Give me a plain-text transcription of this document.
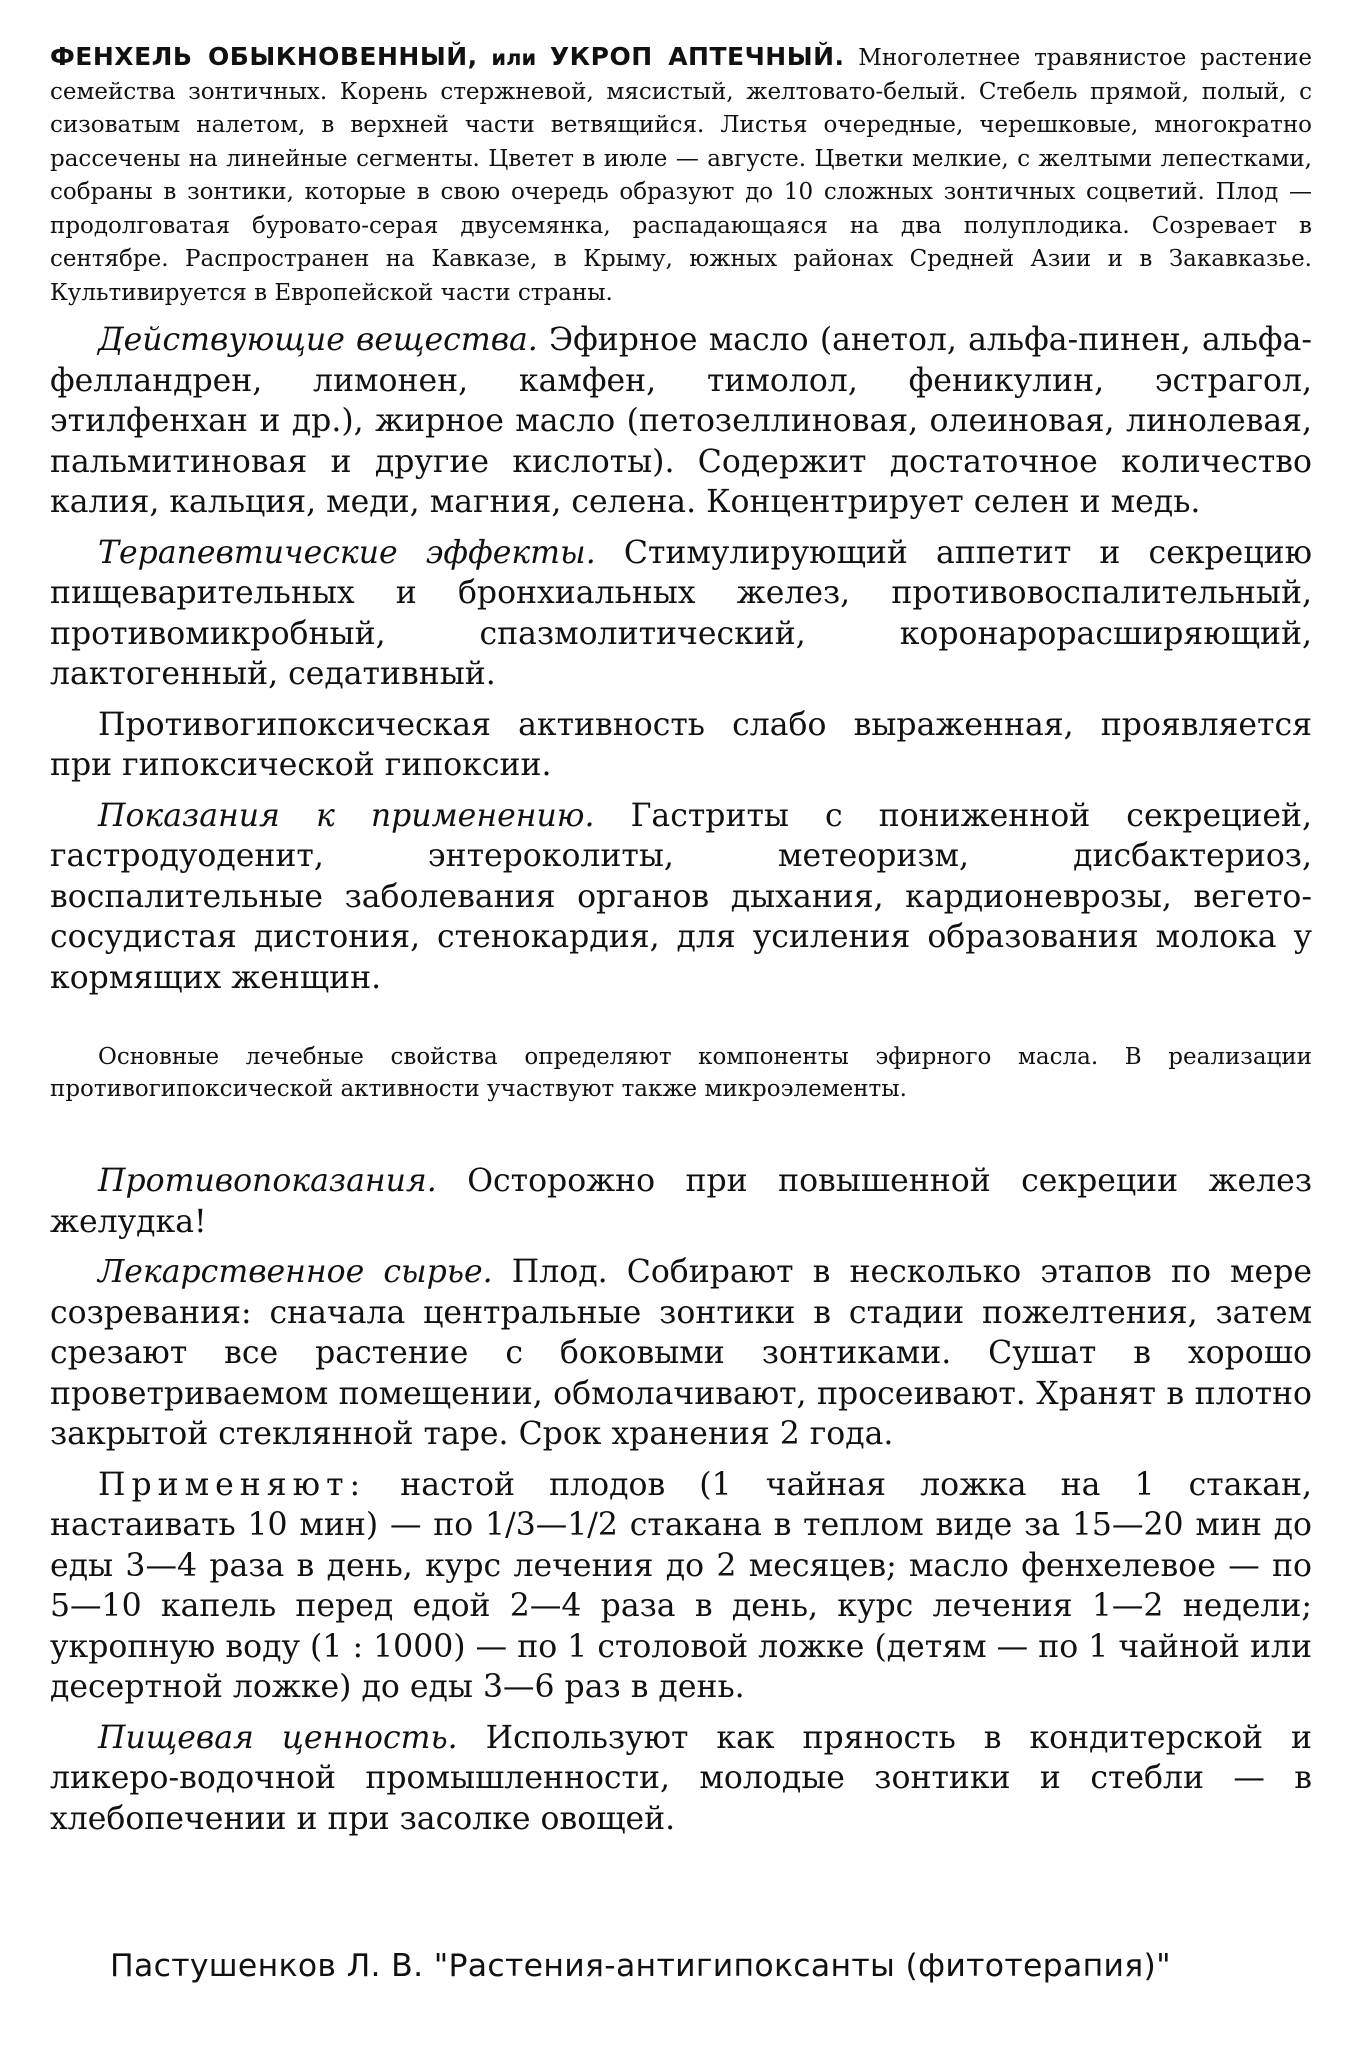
ФЕНХЕЛЬ ОБЫКНОВЕННЫЙ, или УКРОП АПТЕЧНЫЙ. Многолетнее травянистое растение семейства зонтичных. Корень стержневой, мясистый, желтовато-белый. Стебель прямой, полый, с сизоватым налетом, в верхней части ветвящийся. Листья очередные, черешковые, многократно рассечены на линейные сегменты. Цветет в июле — августе. Цветки мелкие, с желтыми лепестками, собраны в зонтики, которые в свою очередь образуют до 10 сложных зонтичных соцветий. Плод — продолговатая буровато-серая двусемянка, распадающаяся на два полуплодика. Созревает в сентябре. Распространен на Кавказе, в Крыму, южных районах Средней Азии и в Закавказье. Культивируется в Европейской части страны.

Действующие вещества. Эфирное масло (анетол, альфа-пинен, альфа-фелландрен, лимонен, камфен, тимолол, феникулин, эстрагол, этилфенхан и др.), жирное масло (петозеллиновая, олеиновая, линолевая, пальмитиновая и другие кислоты). Содержит достаточное количество калия, кальция, меди, магния, селена. Концентрирует селен и медь.

Терапевтические эффекты. Стимулирующий аппетит и секрецию пищеварительных и бронхиальных желез, противовоспалительный, противомикробный, спазмолитический, коронарорасширяющий, лактогенный, седативный.

Противогипоксическая активность слабо выраженная, проявляется при гипоксической гипоксии.

Показания к применению. Гастриты с пониженной секрецией, гастродуоденит, энтероколиты, метеоризм, дисбактериоз, воспалительные заболевания органов дыхания, кардионеврозы, вегето-сосудистая дистония, стенокардия, для усиления образования молока у кормящих женщин.

Основные лечебные свойства определяют компоненты эфирного масла. В реализации противогипоксической активности участвуют также микроэлементы.

Противопоказания. Осторожно при повышенной секреции желез желудка!

Лекарственное сырье. Плод. Собирают в несколько этапов по мере созревания: сначала центральные зонтики в стадии пожелтения, затем срезают все растение с боковыми зонтиками. Сушат в хорошо проветриваемом помещении, обмолачивают, просеивают. Хранят в плотно закрытой стеклянной таре. Срок хранения 2 года.

Применяют: настой плодов (1 чайная ложка на 1 стакан, настаивать 10 мин) — по 1/3—1/2 стакана в теплом виде за 15—20 мин до еды 3—4 раза в день, курс лечения до 2 месяцев; масло фенхелевое — по 5—10 капель перед едой 2—4 раза в день, курс лечения 1—2 недели; укропную воду (1 : 1000) — по 1 столовой ложке (детям — по 1 чайной или десертной ложке) до еды 3—6 раз в день.

Пищевая ценность. Используют как пряность в кондитерской и ликеро-водочной промышленности, молодые зонтики и стебли — в хлебопечении и при засолке овощей.

Пастушенков Л. В. "Растения-антигипоксанты (фитотерапия)"
